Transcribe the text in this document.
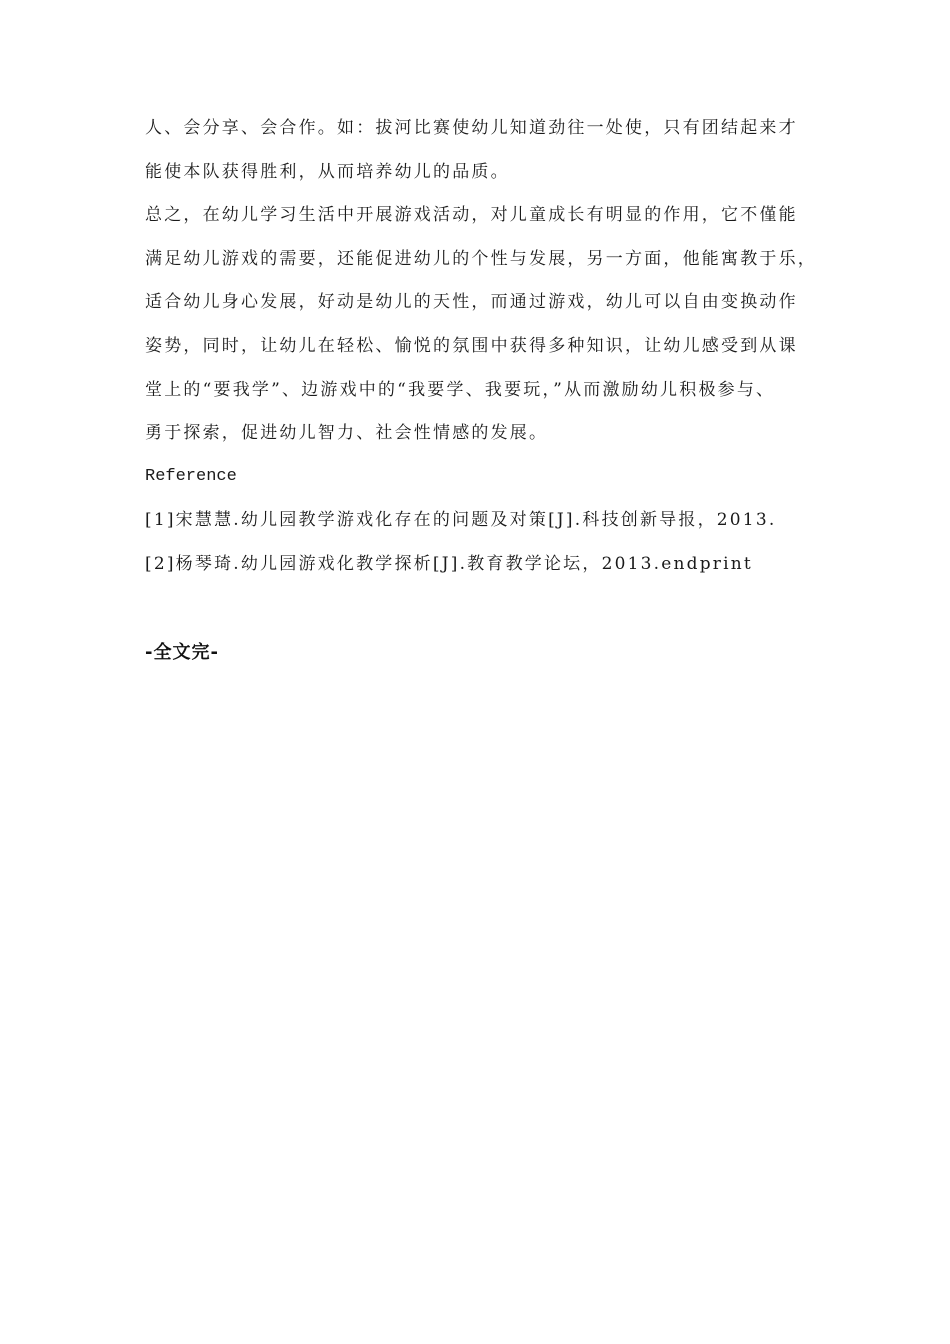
人、会分享、会合作。如：拔河比赛使幼儿知道劲往一处使，只有团结起来才
能使本队获得胜利，从而培养幼儿的品质。
总之，在幼儿学习生活中开展游戏活动，对儿童成长有明显的作用，它不僅能
满足幼儿游戏的需要，还能促进幼儿的个性与发展，另一方面，他能寓教于乐，
适合幼儿身心发展，好动是幼儿的天性，而通过游戏，幼儿可以自由变换动作
姿势，同时，让幼儿在轻松、愉悦的氛围中获得多种知识，让幼儿感受到从课
堂上的“要我学”、边游戏中的“我要学、我要玩，”从而激励幼儿积极参与、
勇于探索，促进幼儿智力、社会性情感的发展。
Reference
[1]宋慧慧.幼儿园教学游戏化存在的问题及对策[J].科技创新导报，2013.
[2]杨琴琦.幼儿园游戏化教学探析[J].教育教学论坛，2013.endprint
-全文完-
